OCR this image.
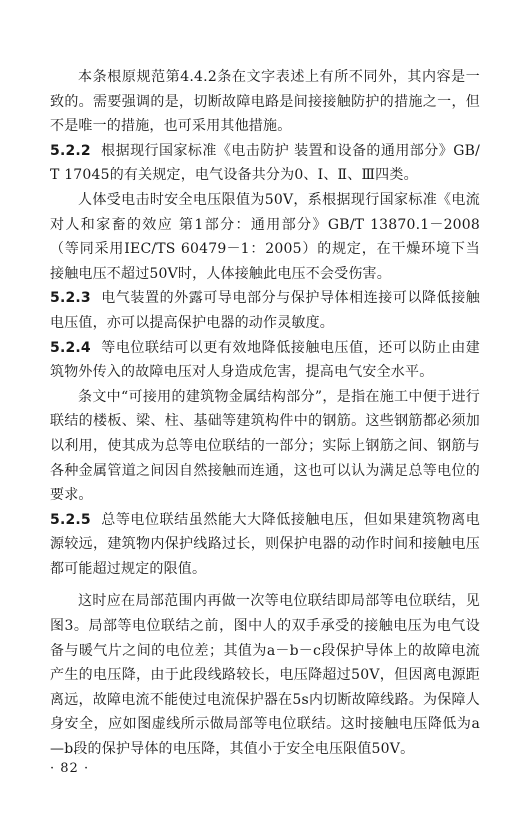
本条根原规范第4.4.2条在文字表述上有所不同外，其内容是一致的。需要强调的是，切断故障电路是间接接触防护的措施之一，但不是唯一的措施，也可采用其他措施。

5.2.2 根据现行国家标准《电击防护 装置和设备的通用部分》GB/T 17045的有关规定，电气设备共分为0、Ⅰ、Ⅱ、Ⅲ四类。

人体受电击时安全电压限值为50V，系根据现行国家标准《电流对人和家畜的效应 第1部分：通用部分》GB/T 13870.1－2008（等同采用IEC/TS 60479－1：2005）的规定，在干燥环境下当接触电压不超过50V时，人体接触此电压不会受伤害。

5.2.3 电气装置的外露可导电部分与保护导体相连接可以降低接触电压值，亦可以提高保护电器的动作灵敏度。

5.2.4 等电位联结可以更有效地降低接触电压值，还可以防止由建筑物外传入的故障电压对人身造成危害，提高电气安全水平。

条文中“可接用的建筑物金属结构部分”，是指在施工中便于进行联结的楼板、梁、柱、基础等建筑构件中的钢筋。这些钢筋都必须加以利用，使其成为总等电位联结的一部分；实际上钢筋之间、钢筋与各种金属管道之间因自然接触而连通，这也可以认为满足总等电位的要求。

5.2.5 总等电位联结虽然能大大降低接触电压，但如果建筑物离电源较远，建筑物内保护线路过长，则保护电器的动作时间和接触电压都可能超过规定的限值。

这时应在局部范围内再做一次等电位联结即局部等电位联结，见图3。局部等电位联结之前，图中人的双手承受的接触电压为电气设备与暖气片之间的电位差；其值为a－b－c段保护导体上的故障电流产生的电压降，由于此段线路较长，电压降超过50V，但因离电源距离远，故障电流不能使过电流保护器在5s内切断故障线路。为保障人身安全，应如图虚线所示做局部等电位联结。这时接触电压降低为a—b段的保护导体的电压降，其值小于安全电压限值50V。

· 82 ·
